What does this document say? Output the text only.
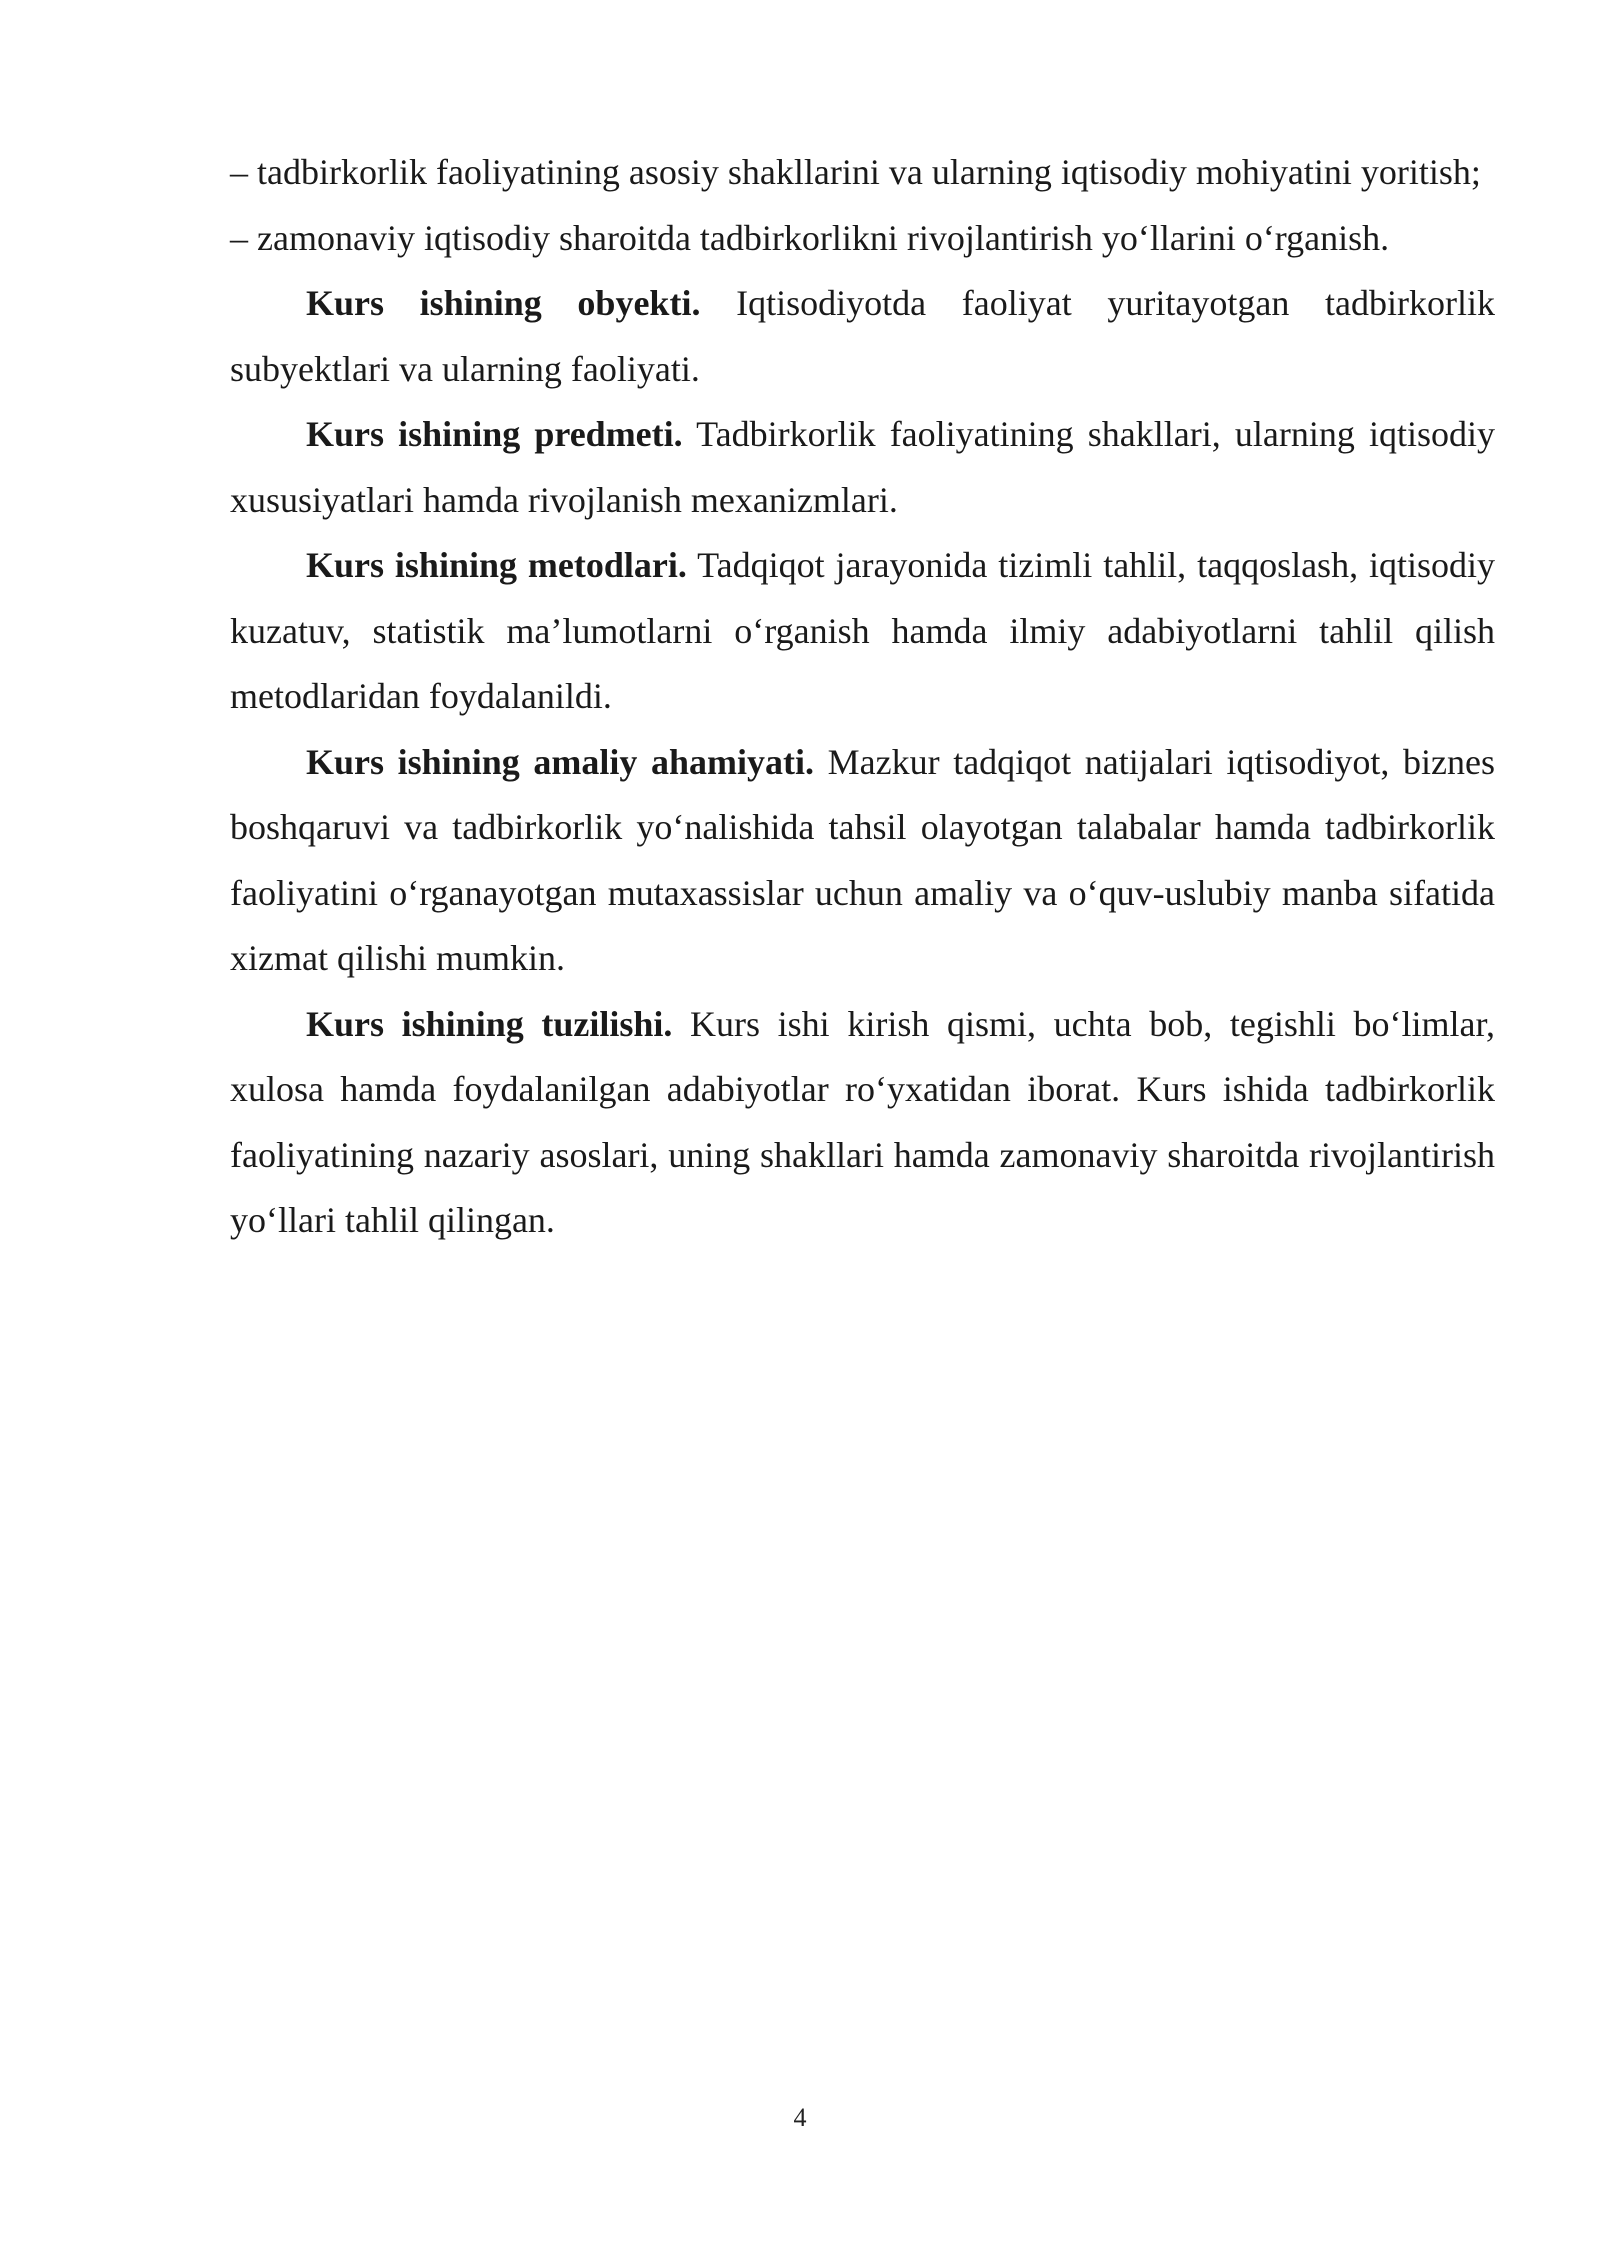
– tadbirkorlik faoliyatining asosiy shakllarini va ularning iqtisodiy mohiyatini yoritish;

– zamonaviy iqtisodiy sharoitda tadbirkorlikni rivojlantirish yo‘llarini o‘rganish.

Kurs ishining obyekti. Iqtisodiyotda faoliyat yuritayotgan tadbirkorlik subyektlari va ularning faoliyati.

Kurs ishining predmeti. Tadbirkorlik faoliyatining shakllari, ularning iqtisodiy xususiyatlari hamda rivojlanish mexanizmlari.

Kurs ishining metodlari. Tadqiqot jarayonida tizimli tahlil, taqqoslash, iqtisodiy kuzatuv, statistik ma’lumotlarni o‘rganish hamda ilmiy adabiyotlarni tahlil qilish metodlaridan foydalanildi.

Kurs ishining amaliy ahamiyati. Mazkur tadqiqot natijalari iqtisodiyot, biznes boshqaruvi va tadbirkorlik yo‘nalishida tahsil olayotgan talabalar hamda tadbirkorlik faoliyatini o‘rganayotgan mutaxassislar uchun amaliy va o‘quv-uslubiy manba sifatida xizmat qilishi mumkin.

Kurs ishining tuzilishi. Kurs ishi kirish qismi, uchta bob, tegishli bo‘limlar, xulosa hamda foydalanilgan adabiyotlar ro‘yxatidan iborat. Kurs ishida tadbirkorlik faoliyatining nazariy asoslari, uning shakllari hamda zamonaviy sharoitda rivojlantirish yo‘llari tahlil qilingan.

4
